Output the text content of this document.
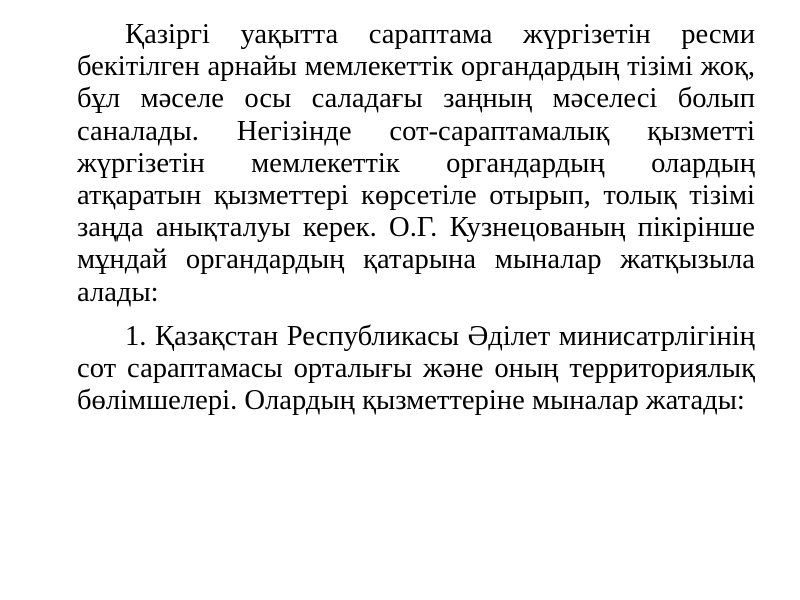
Қазіргі уақытта сараптама жүргізетін ресми бекітілген арнайы мемлекеттік органдардың тізімі жоқ, бұл мәселе осы саладағы заңның мәселесі болып саналады. Негізінде сот-сараптамалық қызметті жүргізетін мемлекеттік органдардың олардың атқаратын қызметтері көрсетіле отырып, толық тізімі заңда анықталуы керек. О.Г. Кузнецованың пікірінше мұндай органдардың қатарына мыналар жатқызыла алады:

1. Қазақстан Республикасы Әділет минисатрлігінің сот сараптамасы орталығы және оның территориялық бөлімшелері. Олардың қызметтеріне мыналар жатады:
